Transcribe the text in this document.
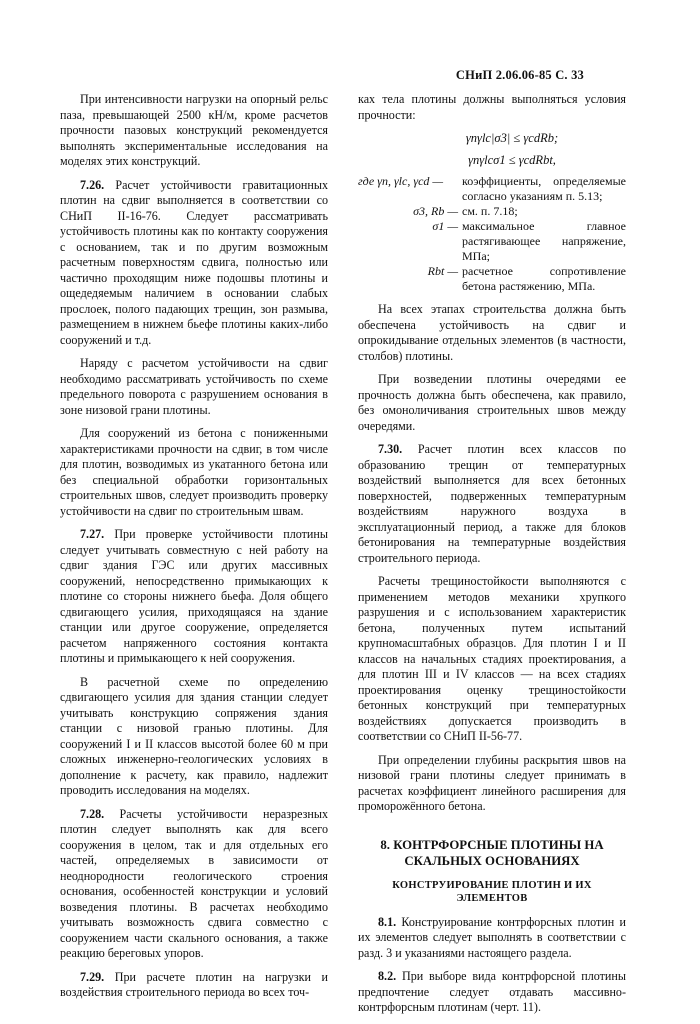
СНиП 2.06.06-85 С. 33

При интенсивности нагрузки на опорный рельс паза, превышающей 2500 кН/м, кроме расчетов прочности пазовых конструкций рекомендуется выполнять экспериментальные исследования на моделях этих конструкций.

7.26. Расчет устойчивости гравитационных плотин на сдвиг выполняется в соответствии со СНиП II-16-76. Следует рассматривать устойчивость плотины как по контакту сооружения с основанием, так и по другим возможным расчетным поверхностям сдвига, полностью или частично проходящим ниже подошвы плотины и ощедедяемым наличием в основании слабых прослоек, полого падающих трещин, зон размыва, размещением в нижнем бьефе плотины каких-либо сооружений и т.д.

Наряду с расчетом устойчивости на сдвиг необходимо рассматривать устойчивость по схеме предельного поворота с разрушением основания в зоне низовой грани плотины.

Для сооружений из бетона с пониженными характеристиками прочности на сдвиг, в том числе для плотин, возводимых из укатанного бетона или без специальной обработки горизонтальных строительных швов, следует производить проверку устойчивости на сдвиг по строительным швам.

7.27. При проверке устойчивости плотины следует учитывать совместную с ней работу на сдвиг здания ГЭС или других массивных сооружений, непосредственно примыкающих к плотине со стороны нижнего бьефа. Доля общего сдвигающего усилия, приходящаяся на здание станции или другое сооружение, определяется расчетом напряженного состояния контакта плотины и примыкающего к ней сооружения.

В расчетной схеме по определению сдвигающего усилия для здания станции следует учитывать конструкцию сопряжения здания станции с низовой гранью плотины. Для сооружений I и II классов высотой более 60 м при сложных инженерно-геологических условиях в дополнение к расчету, как правило, надлежит проводить исследования на моделях.

7.28. Расчеты устойчивости неразрезных плотин следует выполнять как для всего сооружения в целом, так и для отдельных его частей, определяемых в зависимости от неоднородности геологического строения основания, особенностей конструкции и условий возведения плотины. В расчетах необходимо учитывать возможность сдвига совместно с сооружением части скального основания, а также реакцию береговых упоров.

7.29. При расчете плотин на нагрузки и воздействия строительного периода во всех точ-

ках тела плотины должны выполняться условия прочности:

γnγlc|σ3| ≤ γcdRb;
γnγlcσ1 ≤ γcdRbt,
где γn, γlc, γcd —	коэффициенты, определяемые согласно указаниям п. 5.13;
σ3, Rb — см. п. 7.18;
σ1 — максимальное главное растягивающее напряжение, МПа;
Rbt — расчетное сопротивление бетона растяжению, МПа.

На всех этапах строительства должна быть обеспечена устойчивость на сдвиг и опрокидывание отдельных элементов (в частности, столбов) плотины.

При возведении плотины очередями ее прочность должна быть обеспечена, как правило, без омоноличивания строительных швов между очередями.

7.30. Расчет плотин всех классов по образованию трещин от температурных воздействий выполняется для всех бетонных поверхностей, подверженных температурным воздействиям наружного воздуха в эксплуатационный период, а также для блоков бетонирования на температурные воздействия строительного периода.

Расчеты трещиностойкости выполняются с применением методов механики хрупкого разрушения и с использованием характеристик бетона, полученных путем испытаний крупномасштабных образцов. Для плотин I и II классов на начальных стадиях проектирования, а для плотин III и IV классов — на всех стадиях проектирования оценку трещиностойкости бетонных конструкций при температурных воздействиях допускается производить в соответствии со СНиП II-56-77.

При определении глубины раскрытия швов на низовой грани плотины следует принимать в расчетах коэффициент линейного расширения для проморожённого бетона.

8. КОНТРФОРСНЫЕ ПЛОТИНЫ НА СКАЛЬНЫХ ОСНОВАНИЯХ
КОНСТРУИРОВАНИЕ ПЛОТИН И ИХ ЭЛЕМЕНТОВ

8.1. Конструирование контрфорсных плотин и их элементов следует выполнять в соответствии с разд. 3 и указаниями настоящего раздела.

8.2. При выборе вида контрфорсной плотины предпочтение следует отдавать массивно-контрфорсным плотинам (черт. 11).
